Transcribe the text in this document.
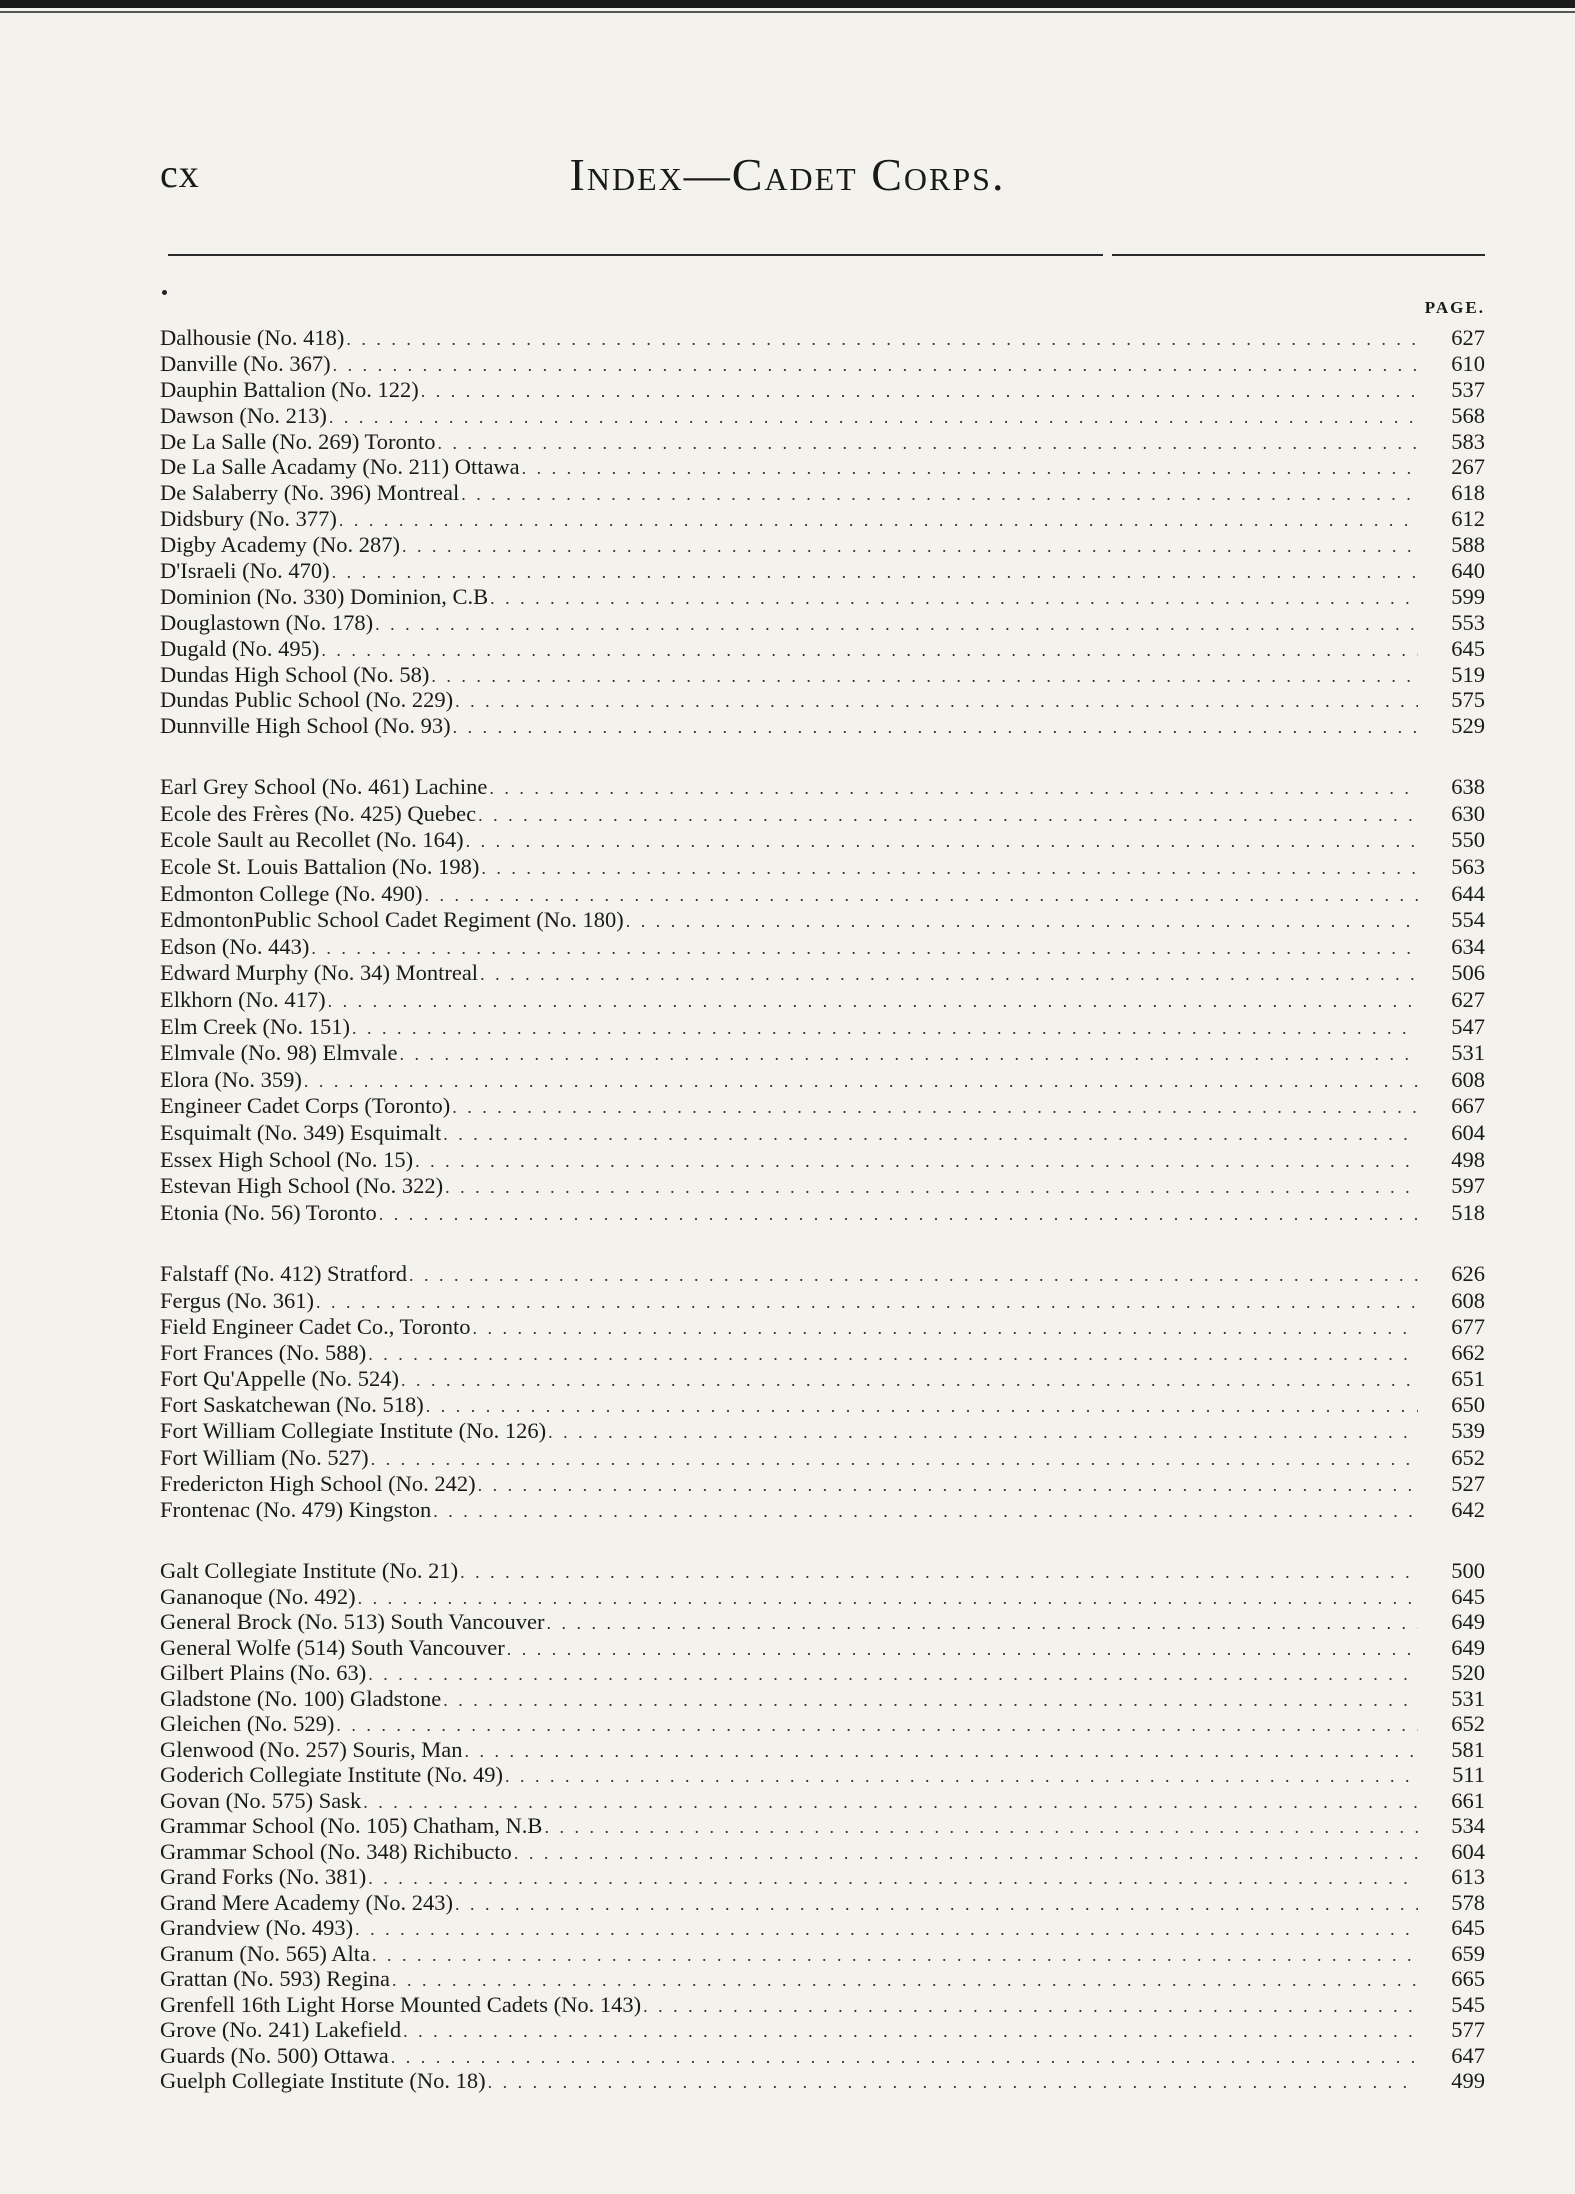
cx	Index—Cadet Corps.
PAGE.
Dalhousie (No. 418) . . .	627
Danville (No. 367) . . .	610
Dauphin Battalion (No. 122) . . .	537
Dawson (No. 213) . . .	568
De La Salle (No. 269) Toronto . . .	583
De La Salle Acadamy (No. 211) Ottawa . . .	267
De Salaberry (No. 396) Montreal . . .	618
Didsbury (No. 377) . . .	612
Digby Academy (No. 287) . . .	588
D'Israeli (No. 470) . . .	640
Dominion (No. 330) Dominion, C.B . . .	599
Douglastown (No. 178) . . .	553
Dugald (No. 495) . . .	645
Dundas High School (No. 58) . . .	519
Dundas Public School (No. 229) . . .	575
Dunnville High School (No. 93) . . .	529
Earl Grey School (No. 461) Lachine . . .	638
Ecole des Frères (No. 425) Quebec . . .	630
Ecole Sault au Recollet (No. 164) . . .	550
Ecole St. Louis Battalion (No. 198) . . .	563
Edmonton College (No. 490) . . .	644
EdmontonPublic School Cadet Regiment (No. 180) . . .	554
Edson (No. 443) . . .	634
Edward Murphy (No. 34) Montreal . . .	506
Elkhorn (No. 417) . . .	627
Elm Creek (No. 151) . . .	547
Elmvale (No. 98) Elmvale . . .	531
Elora (No. 359) . . .	608
Engineer Cadet Corps (Toronto) . . .	667
Esquimalt (No. 349) Esquimalt . . .	604
Essex High School (No. 15) . . .	498
Estevan High School (No. 322) . . .	597
Etonia (No. 56) Toronto . . .	518
Falstaff (No. 412) Stratford . . .	626
Fergus (No. 361) . . .	608
Field Engineer Cadet Co., Toronto . . .	677
Fort Frances (No. 588) . . .	662
Fort Qu'Appelle (No. 524) . . .	651
Fort Saskatchewan (No. 518) . . .	650
Fort William Collegiate Institute (No. 126) . . .	539
Fort William (No. 527) . . .	652
Fredericton High School (No. 242) . . .	527
Frontenac (No. 479) Kingston . . .	642
Galt Collegiate Institute (No. 21) . . .	500
Gananoque (No. 492) . . .	645
General Brock (No. 513) South Vancouver . . .	649
General Wolfe (514) South Vancouver . . .	649
Gilbert Plains (No. 63) . . .	520
Gladstone (No. 100) Gladstone . . .	531
Gleichen (No. 529) . . .	652
Glenwood (No. 257) Souris, Man . . .	581
Goderich Collegiate Institute (No. 49) . . .	511
Govan (No. 575) Sask . . .	661
Grammar School (No. 105) Chatham, N.B . . .	534
Grammar School (No. 348) Richibucto . . .	604
Grand Forks (No. 381) . . .	613
Grand Mere Academy (No. 243) . . .	578
Grandview (No. 493) . . .	645
Granum (No. 565) Alta . . .	659
Grattan (No. 593) Regina . . .	665
Grenfell 16th Light Horse Mounted Cadets (No. 143) . . .	545
Grove (No. 241) Lakefield . . .	577
Guards (No. 500) Ottawa . . .	647
Guelph Collegiate Institute (No. 18) . . .	499
